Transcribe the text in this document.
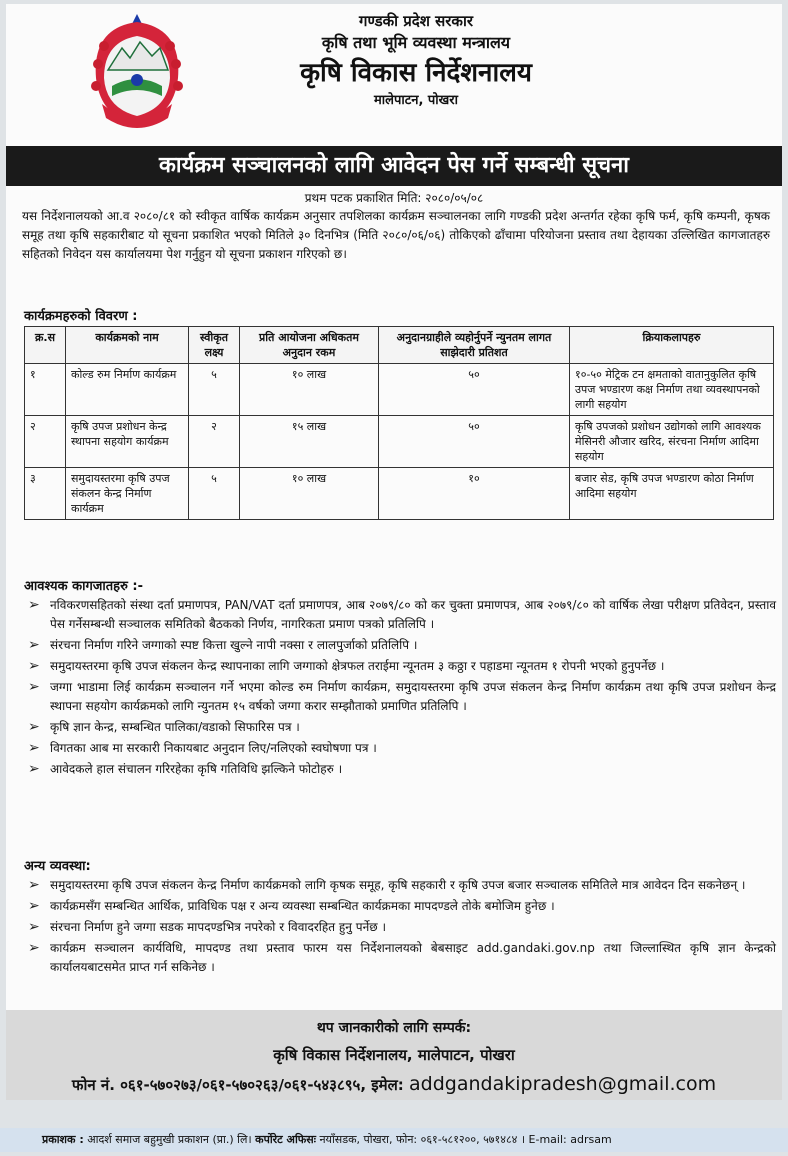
गण्डकी प्रदेश सरकार
कृषि तथा भूमि व्यवस्था मन्त्रालय
कृषि विकास निर्देशनालय
मालेपाटन, पोखरा
कार्यक्रम सञ्चालनको लागि आवेदन पेस गर्ने सम्बन्धी सूचना
प्रथम पटक प्रकाशित मिति: २०८०/०५/०८
यस निर्देशनालयको आ.व २०८०/८१ को स्वीकृत वार्षिक कार्यक्रम अनुसार तपशिलका कार्यक्रम सञ्चालनका लागि गण्डकी प्रदेश अन्तर्गत रहेका कृषि फर्म, कृषि कम्पनी, कृषक समूह तथा कृषि सहकारीबाट यो सूचना प्रकाशित भएको मितिले ३० दिनभित्र (मिति २०८०/०६/०६) तोकिएको ढाँचामा परियोजना प्रस्ताव तथा देहायका उल्लिखित कागजातहरु सहितको निवेदन यस कार्यालयमा पेश गर्नुहुन यो सूचना प्रकाशन गरिएको छ।
कार्यक्रमहरुको विवरण :
क्र.स	कार्यक्रमको नाम	स्वीकृत लक्ष्य	प्रति आयोजना अधिकतम अनुदान रकम	अनुदानग्राहीले व्यहोर्नुपर्ने न्युनतम लागत साझेदारी प्रतिशत	क्रियाकलापहरु
१	कोल्ड रुम निर्माण कार्यक्रम	५	१० लाख	५०	१०-५० मेट्रिक टन क्षमताको वातानुकुलित कृषि उपज भण्डारण कक्ष निर्माण तथा व्यवस्थापनको लागी सहयोग
२	कृषि उपज प्रशोधन केन्द्र स्थापना सहयोग कार्यक्रम	२	१५ लाख	५०	कृषि उपजको प्रशोधन उद्योगको लागि आवश्यक मेसिनरी औजार खरिद, संरचना निर्माण आदिमा सहयोग
३	समुदायस्तरमा कृषि उपज संकलन केन्द्र निर्माण कार्यक्रम	५	१० लाख	१०	बजार सेड, कृषि उपज भण्डारण कोठा निर्माण आदिमा सहयोग
आवश्यक कागजातहरु :-
➢ नविकरणसहितको संस्था दर्ता प्रमाणपत्र, PAN/VAT दर्ता प्रमाणपत्र, आब २०७९/८० को कर चुक्ता प्रमाणपत्र, आब २०७९/८० को वार्षिक लेखा परीक्षण प्रतिवेदन, प्रस्ताव पेस गर्नेसम्बन्धी सञ्चालक समितिको बैठकको निर्णय, नागरिकता प्रमाण पत्रको प्रतिलिपि ।
➢ संरचना निर्माण गरिने जग्गाको स्पष्ट कित्ता खुल्ने नापी नक्सा र लालपुर्जाको प्रतिलिपि ।
➢ समुदायस्तरमा कृषि उपज संकलन केन्द्र स्थापनाका लागि जग्गाको क्षेत्रफल तराईमा न्यूनतम ३ कठ्ठा र पहाडमा न्यूनतम १ रोपनी भएको हुनुपर्नेछ ।
➢ जग्गा भाडामा लिई कार्यक्रम सञ्चालन गर्ने भएमा कोल्ड रुम निर्माण कार्यक्रम, समुदायस्तरमा कृषि उपज संकलन केन्द्र निर्माण कार्यक्रम तथा कृषि उपज प्रशोधन केन्द्र स्थापना सहयोग कार्यक्रमको लागि न्युनतम १५ वर्षको जग्गा करार सम्झौताको प्रमाणित प्रतिलिपि ।
➢ कृषि ज्ञान केन्द्र, सम्बन्धित पालिका/वडाको सिफारिस पत्र ।
➢ विगतका आब मा सरकारी निकायबाट अनुदान लिए/नलिएको स्वघोषणा पत्र ।
➢ आवेदकले हाल संचालन गरिरहेका कृषि गतिविधि झल्किने फोटोहरु ।
अन्य व्यवस्था:
➢ समुदायस्तरमा कृषि उपज संकलन केन्द्र निर्माण कार्यक्रमको लागि कृषक समूह, कृषि सहकारी र कृषि उपज बजार सञ्चालक समितिले मात्र आवेदन दिन सकनेछन् ।
➢ कार्यक्रमसँग सम्बन्धित आर्थिक, प्राविधिक पक्ष र अन्य व्यवस्था सम्बन्धित कार्यक्रमका मापदण्डले तोके बमोजिम हुनेछ ।
➢ संरचना निर्माण हुने जग्गा सडक मापदण्डभित्र नपरेको र विवादरहित हुनु पर्नेछ ।
➢ कार्यक्रम सञ्चालन कार्यविधि, मापदण्ड तथा प्रस्ताव फारम यस निर्देशनालयको बेबसाइट add.gandaki.gov.np तथा जिल्लास्थित कृषि ज्ञान केन्द्रको कार्यालयबाटसमेत प्राप्त गर्न सकिनेछ ।
थप जानकारीको लागि सम्पर्क:
कृषि विकास निर्देशनालय, मालेपाटन, पोखरा
फोन नं. ०६१-५७०२७३/०६१-५७०२६३/०६१-५४३८९५, इमेल: addgandakipradesh@gmail.com
प्रकाशक : आदर्श समाज बहुमुखी प्रकाशन (प्रा.) लि। कर्पोरेट अफिसः नयाँसडक, पोखरा, फोन: ०६१-५८१२००, ५७१४८४ । E-mail: adrsam
